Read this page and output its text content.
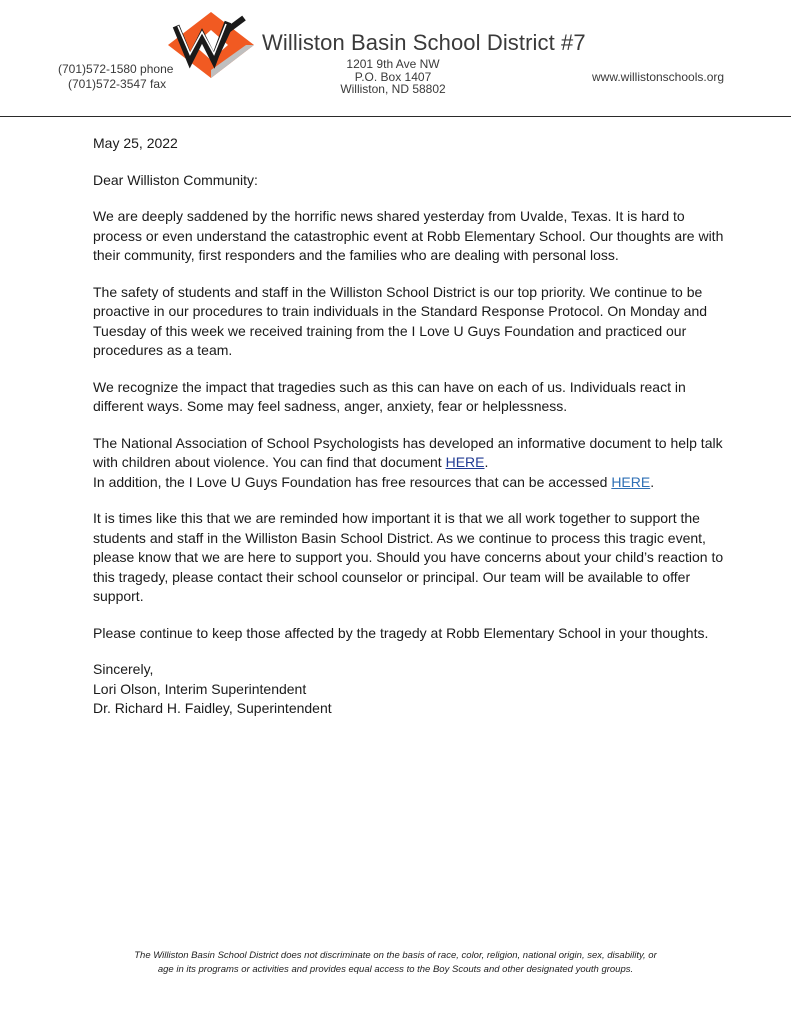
Williston Basin School District #7
(701)572-1580 phone
(701)572-3547 fax
1201 9th Ave NW
P.O. Box 1407
Williston, ND 58802
www.willistonschools.org

May 25, 2022

Dear Williston Community:

We are deeply saddened by the horrific news shared yesterday from Uvalde, Texas. It is hard to process or even understand the catastrophic event at Robb Elementary School. Our thoughts are with their community, first responders and the families who are dealing with personal loss.

The safety of students and staff in the Williston School District is our top priority. We continue to be proactive in our procedures to train individuals in the Standard Response Protocol. On Monday and Tuesday of this week we received training from the I Love U Guys Foundation and practiced our procedures as a team.

We recognize the impact that tragedies such as this can have on each of us. Individuals react in different ways. Some may feel sadness, anger, anxiety, fear or helplessness.

The National Association of School Psychologists has developed an informative document to help talk with children about violence. You can find that document HERE.
In addition, the I Love U Guys Foundation has free resources that can be accessed HERE.

It is times like this that we are reminded how important it is that we all work together to support the students and staff in the Williston Basin School District. As we continue to process this tragic event, please know that we are here to support you. Should you have concerns about your child’s reaction to this tragedy, please contact their school counselor or principal. Our team will be available to offer support.

Please continue to keep those affected by the tragedy at Robb Elementary School in your thoughts.

Sincerely,

Lori Olson, Interim Superintendent

Dr. Richard H. Faidley, Superintendent

The Williston Basin School District does not discriminate on the basis of race, color, religion, national origin, sex, disability, or
age in its programs or activities and provides equal access to the Boy Scouts and other designated youth groups.
